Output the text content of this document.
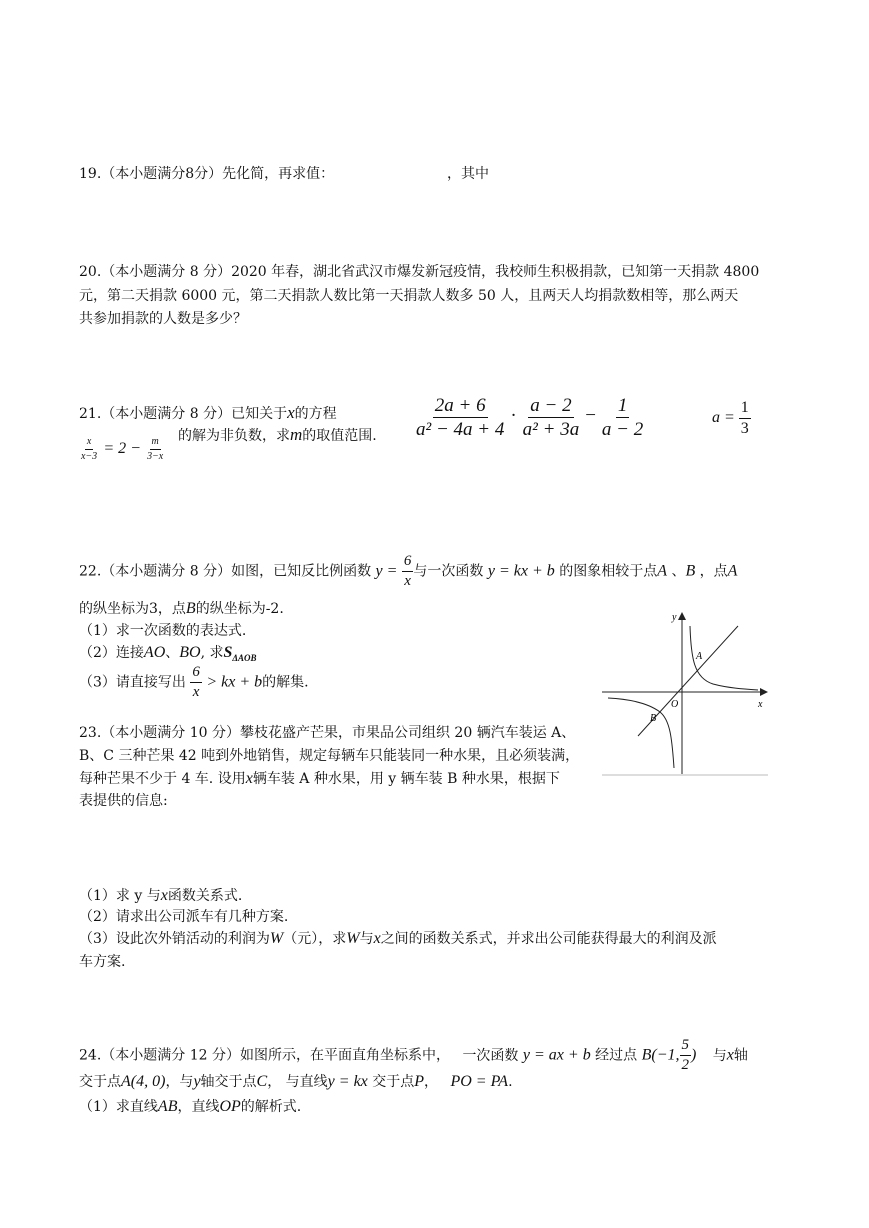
19.（本小题满分8分）先化简，再求值：	，其中
20.（本小题满分 8 分）2020 年春，湖北省武汉市爆发新冠疫情，我校师生积极捐款，已知第一天捐款 4800
元，第二天捐款 6000 元，第二天捐款人数比第一天捐款人数多 50 人，且两天人均捐款数相等，那么两天
共参加捐款的人数是多少？
21.（本小题满分 8 分）已知关于x的方程
的解为非负数，求m的取值范围.
$\frac{x}{x-3} = 2 - \frac{m}{3-x}$
$\frac{2a + 6}{\text{a² − 4a + 4}} \cdot \frac{a - 2}{\text{a² + 3a}} - \frac{1}{a - 2}$	$a = \frac{1}{3}$
22.（本小题满分 8 分）如图，已知反比例函数 $y = \frac{6}{x}$ 与一次函数 y = kx + b 的图象相较于点A 、B ，点A
的纵坐标为3，点B的纵坐标为-2.
（1）求一次函数的表达式.
（2）连接AO、BO, 求$S_{\Delta AOB}$
（3）请直接写出 $\frac{6}{x}$ > kx + b的解集.
y
x
O
A
B
23.（本小题满分 10 分）攀枝花盛产芒果，市果品公司组织 20 辆汽车装运 A、
B、C 三种芒果 42 吨到外地销售，规定每辆车只能装同一种水果，且必须装满，
每种芒果不少于 4 车. 设用x辆车装 A 种水果，用 y 辆车装 B 种水果，根据下
表提供的信息:
（1）求 y 与x函数关系式.
（2）请求出公司派车有几种方案.
（3）设此次外销活动的利润为W（元），求W与x之间的函数关系式，并求出公司能获得最大的利润及派
车方案.
24.（本小题满分 12 分）如图所示，在平面直角坐标系中， 一次函数 y = ax + b 经过点 B(−1, $\frac{5}{2}$ ) 与x轴
交于点A(4, 0)，与y轴交于点C， 与直线y = kx 交于点P， PO = PA.
（1）求直线AB，直线OP的解析式.
